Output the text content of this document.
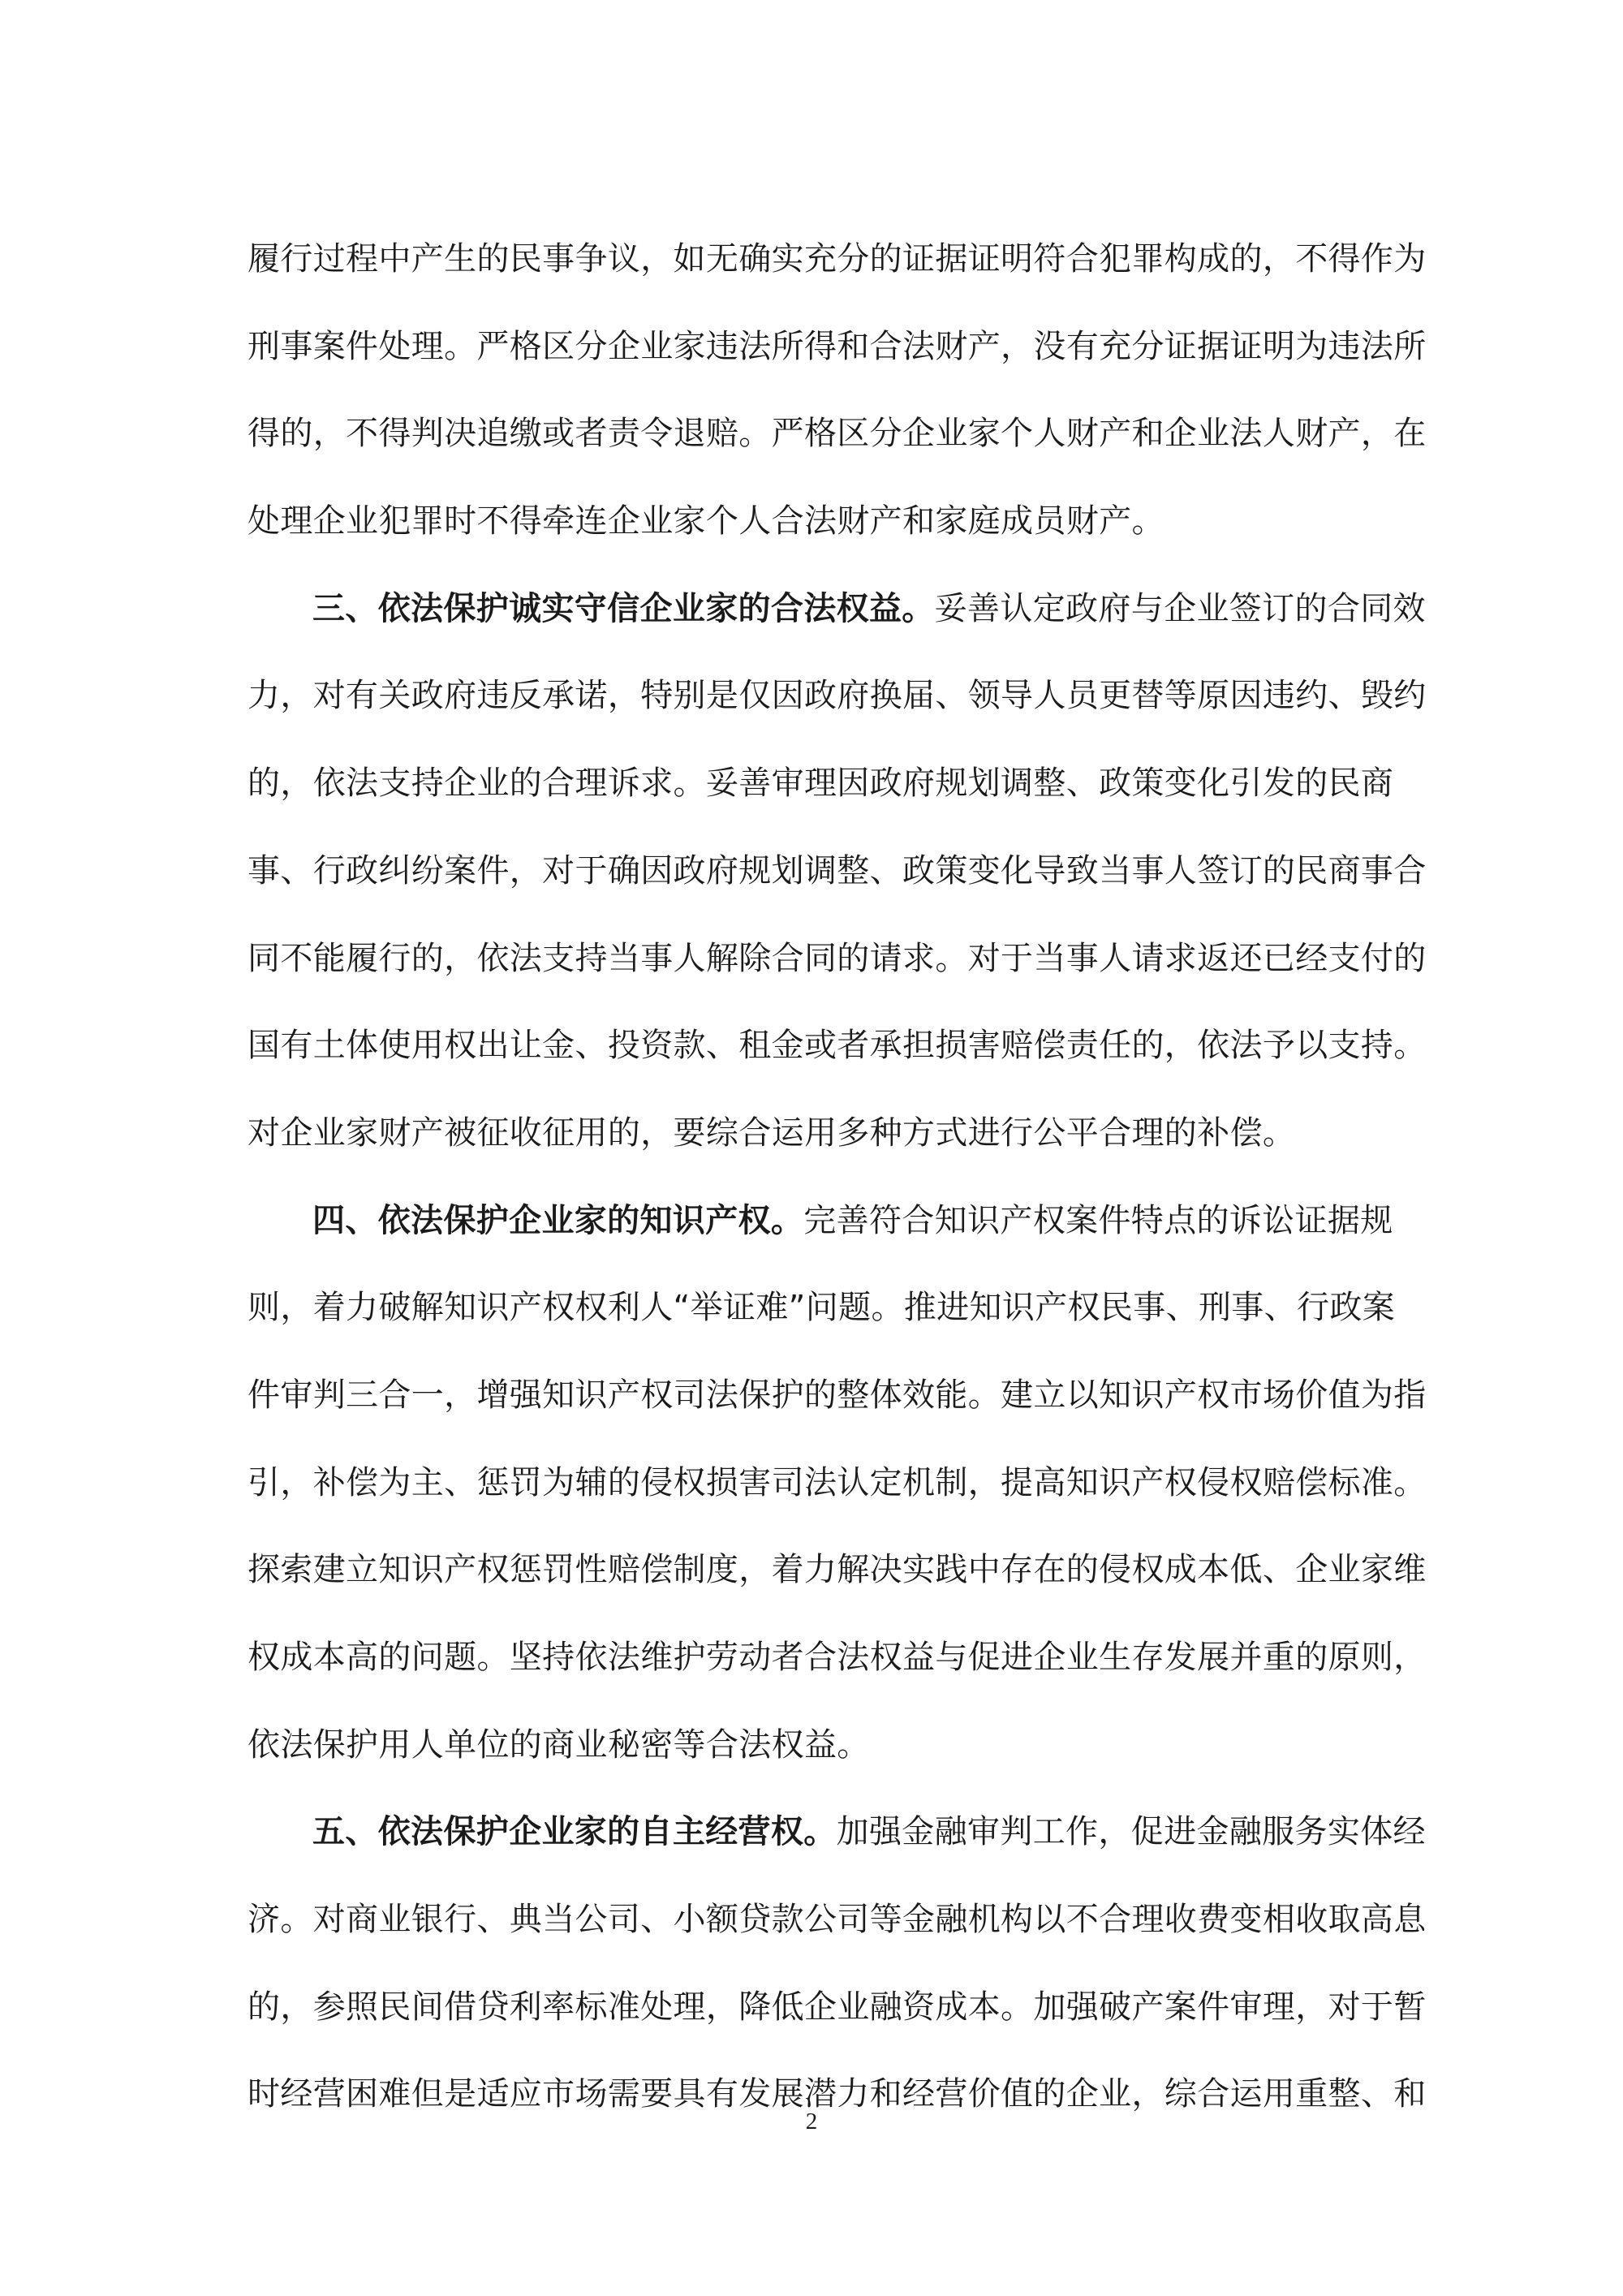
履行过程中产生的民事争议，如无确实充分的证据证明符合犯罪构成的，不得作为
刑事案件处理。严格区分企业家违法所得和合法财产，没有充分证据证明为违法所
得的，不得判决追缴或者责令退赔。严格区分企业家个人财产和企业法人财产，在
处理企业犯罪时不得牵连企业家个人合法财产和家庭成员财产。
三、依法保护诚实守信企业家的合法权益。妥善认定政府与企业签订的合同效
力，对有关政府违反承诺，特别是仅因政府换届、领导人员更替等原因违约、毁约
的，依法支持企业的合理诉求。妥善审理因政府规划调整、政策变化引发的民商
事、行政纠纷案件，对于确因政府规划调整、政策变化导致当事人签订的民商事合
同不能履行的，依法支持当事人解除合同的请求。对于当事人请求返还已经支付的
国有土体使用权出让金、投资款、租金或者承担损害赔偿责任的，依法予以支持。
对企业家财产被征收征用的，要综合运用多种方式进行公平合理的补偿。
四、依法保护企业家的知识产权。完善符合知识产权案件特点的诉讼证据规
则，着力破解知识产权权利人“举证难”问题。推进知识产权民事、刑事、行政案
件审判三合一，增强知识产权司法保护的整体效能。建立以知识产权市场价值为指
引，补偿为主、惩罚为辅的侵权损害司法认定机制，提高知识产权侵权赔偿标准。
探索建立知识产权惩罚性赔偿制度，着力解决实践中存在的侵权成本低、企业家维
权成本高的问题。坚持依法维护劳动者合法权益与促进企业生存发展并重的原则，
依法保护用人单位的商业秘密等合法权益。
五、依法保护企业家的自主经营权。加强金融审判工作，促进金融服务实体经
济。对商业银行、典当公司、小额贷款公司等金融机构以不合理收费变相收取高息
的，参照民间借贷利率标准处理，降低企业融资成本。加强破产案件审理，对于暂
时经营困难但是适应市场需要具有发展潜力和经营价值的企业，综合运用重整、和
2
